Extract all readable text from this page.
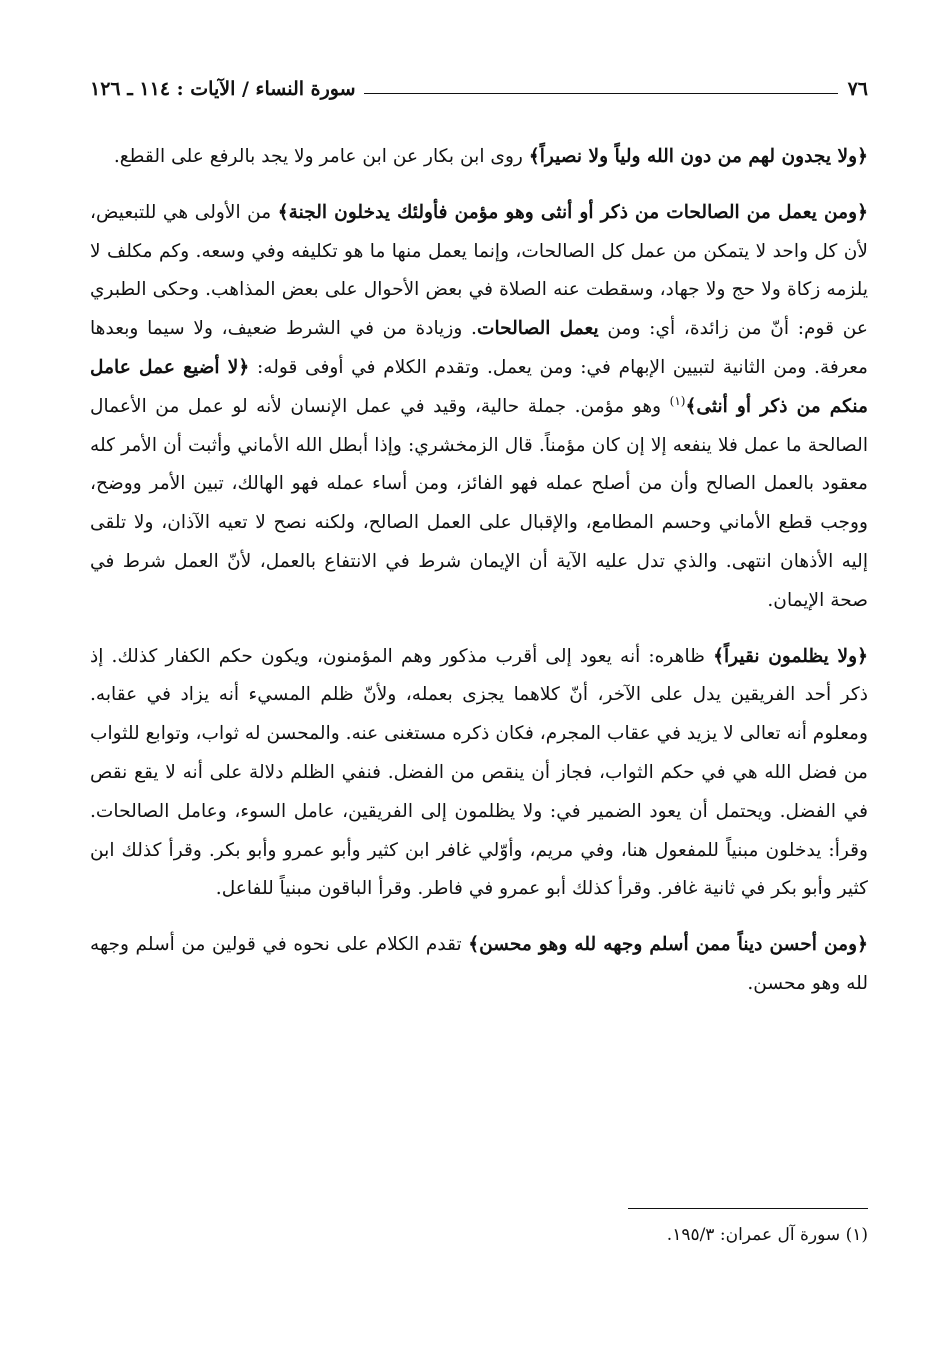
٧٦
سورة النساء / الآيات : ١١٤ ـ ١٢٦

﴿ولا يجدون لهم من دون الله ولياً ولا نصيراً﴾ روى ابن بكار عن ابن عامر ولا يجد بالرفع على القطع.

﴿ومن يعمل من الصالحات من ذكر أو أنثى وهو مؤمن فأولئك يدخلون الجنة﴾ من الأولى هي للتبعيض، لأن كل واحد لا يتمكن من عمل كل الصالحات، وإنما يعمل منها ما هو تكليفه وفي وسعه. وكم مكلف لا يلزمه زكاة ولا حج ولا جهاد، وسقطت عنه الصلاة في بعض الأحوال على بعض المذاهب. وحكى الطبري عن قوم: أنّ من زائدة، أي: ومن يعمل الصالحات. وزيادة من في الشرط ضعيف، ولا سيما وبعدها معرفة. ومن الثانية لتبيين الإبهام في: ومن يعمل. وتقدم الكلام في أوفى قوله: ﴿لا أضيع عمل عامل منكم من ذكر أو أنثى﴾$^{(١)}$ وهو مؤمن. جملة حالية، وقيد في عمل الإنسان لأنه لو عمل من الأعمال الصالحة ما عمل فلا ينفعه إلا إن كان مؤمناً. قال الزمخشري: وإذا أبطل الله الأماني وأثبت أن الأمر كله معقود بالعمل الصالح وأن من أصلح عمله فهو الفائز، ومن أساء عمله فهو الهالك، تبين الأمر ووضح، ووجب قطع الأماني وحسم المطامع، والإقبال على العمل الصالح، ولكنه نصح لا تعيه الآذان، ولا تلقى إليه الأذهان انتهى. والذي تدل عليه الآية أن الإيمان شرط في الانتفاع بالعمل، لأنّ العمل شرط في صحة الإيمان.

﴿ولا يظلمون نقيراً﴾ ظاهره: أنه يعود إلى أقرب مذكور وهم المؤمنون، ويكون حكم الكفار كذلك. إذ ذكر أحد الفريقين يدل على الآخر، أنّ كلاهما يجزى بعمله، ولأنّ ظلم المسيء أنه يزاد في عقابه. ومعلوم أنه تعالى لا يزيد في عقاب المجرم، فكان ذكره مستغنى عنه. والمحسن له ثواب، وتوابع للثواب من فضل الله هي في حكم الثواب، فجاز أن ينقص من الفضل. فنفي الظلم دلالة على أنه لا يقع نقص في الفضل. ويحتمل أن يعود الضمير في: ولا يظلمون إلى الفريقين، عامل السوء، وعامل الصالحات. وقرأ: يدخلون مبنياً للمفعول هنا، وفي مريم، وأوّلي غافر ابن كثير وأبو عمرو وأبو بكر. وقرأ كذلك ابن كثير وأبو بكر في ثانية غافر. وقرأ كذلك أبو عمرو في فاطر. وقرأ الباقون مبنياً للفاعل.

﴿ومن أحسن ديناً ممن أسلم وجهه لله وهو محسن﴾ تقدم الكلام على نحوه في قولين من أسلم وجهه لله وهو محسن.

(١) سورة آل عمران: ١٩٥/٣.
